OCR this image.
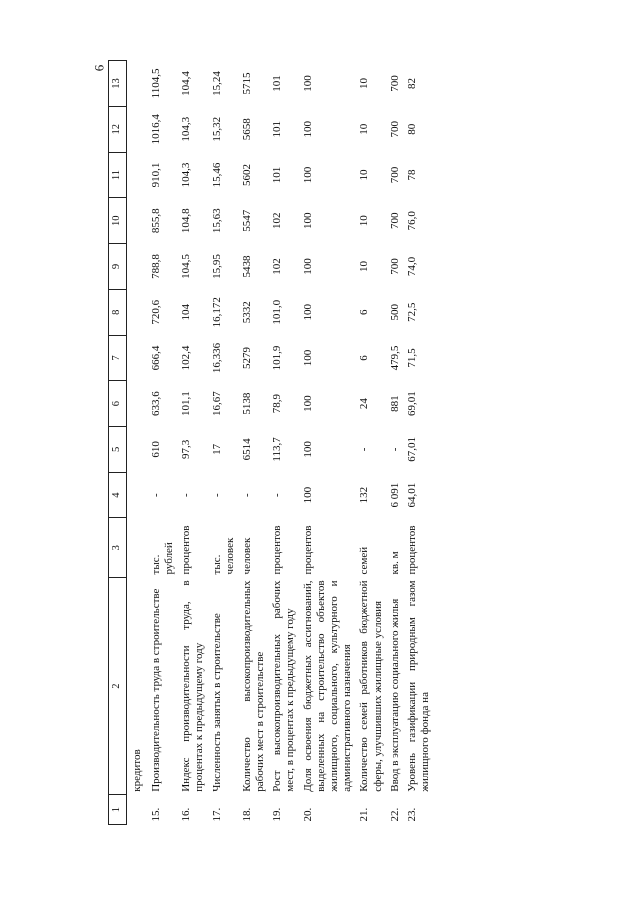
6
1	2	3	4	5	6	7	8	9	10	11	12	13
	кредитов											
15.	Производительность труда в строительстве	тыс. рублей	-	610	633,6	666,4	720,6	788,8	855,8	910,1	1016,4	1104,5
16.	Индекс производительности труда, в процентах к предыдущему году	процентов	-	97,3	101,1	102,4	104	104,5	104,8	104,3	104,3	104,4
17.	Численность занятых в строительстве	тыс. человек	-	17	16,67	16,336	16,172	15,95	15,63	15,46	15,32	15,24
18.	Количество высокопроизводительных рабочих мест в строительстве	человек	-	6514	5138	5279	5332	5438	5547	5602	5658	5715
19.	Рост высокопроизводительных рабочих мест, в процентах к предыдущему году	процентов	-	113,7	78,9	101,9	101,0	102	102	101	101	101
20.	Доля освоения бюджетных ассигнований, выделенных на строительство объектов жилищного, социального, культурного и административного назначения	процентов	100	100	100	100	100	100	100	100	100	100
21.	Количество семей работников бюджетной сферы, улучшивших жилищные условия	семей	132	-	24	6	6	10	10	10	10	10
22.	Ввод в эксплуатацию социального жилья	кв. м	6 091	-	881	479,5	500	700	700	700	700	700
23.	Уровень газификации природным газом жилищного фонда на	процентов	64,01	67,01	69,01	71,5	72,5	74,0	76,0	78	80	82
